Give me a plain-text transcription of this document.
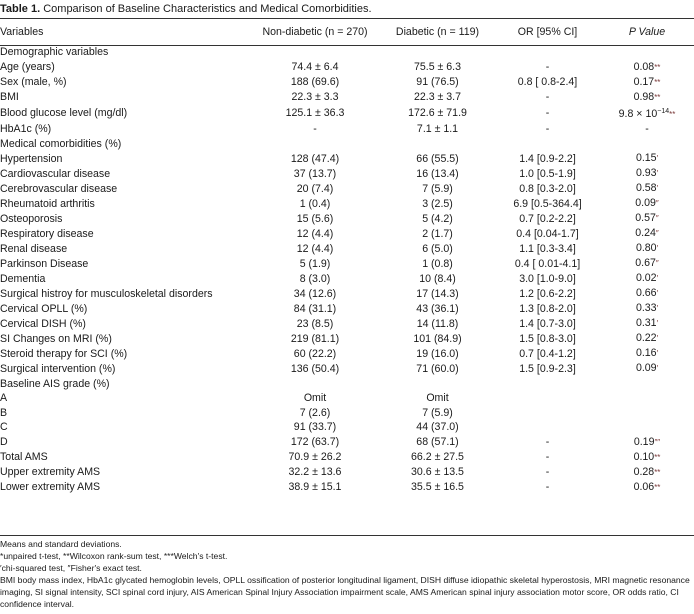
Table 1. Comparison of Baseline Characteristics and Medical Comorbidities.
Variables	Non-diabetic (n = 270)	Diabetic (n = 119)	OR [95% CI]	P Value
Demographic variables				
Age (years)	74.4 ± 6.4	75.5 ± 6.3	-	0.08**
Sex (male, %)	188 (69.6)	91 (76.5)	0.8 [ 0.8-2.4]	0.17**
BMI	22.3 ± 3.3	22.3 ± 3.7	-	0.98**
Blood glucose level (mg/dl)	125.1 ± 36.3	172.6 ± 71.9	-	$9.8 \times 10^{-14}**$
HbA1c (%)	-	7.1 ± 1.1	-	-
Medical comorbidities (%)				
Hypertension	128 (47.4)	66 (55.5)	1.4 [0.9-2.2]	0.15′
Cardiovascular disease	37 (13.7)	16 (13.4)	1.0 [0.5-1.9]	0.93′
Cerebrovascular disease	20 (7.4)	7 (5.9)	0.8 [0.3-2.0]	0.58′
Rheumatoid arthritis	1 (0.4)	3 (2.5)	6.9 [0.5-364.4]	0.09″
Osteoporosis	15 (5.6)	5 (4.2)	0.7 [0.2-2.2]	0.57″
Respiratory disease	12 (4.4)	2 (1.7)	0.4 [0.04-1.7]	0.24″
Renal disease	12 (4.4)	6 (5.0)	1.1 [0.3-3.4]	0.80′
Parkinson Disease	5 (1.9)	1 (0.8)	0.4 [ 0.01-4.1]	0.67″
Dementia	8 (3.0)	10 (8.4)	3.0 [1.0-9.0]	0.02′
Surgical histroy for musculoskeletal disorders	34 (12.6)	17 (14.3)	1.2 [0.6-2.2]	0.66′
Cervical OPLL (%)	84 (31.1)	43 (36.1)	1.3 [0.8-2.0]	0.33′
Cervical DISH (%)	23 (8.5)	14 (11.8)	1.4 [0.7-3.0]	0.31′
SI Changes on MRI (%)	219 (81.1)	101 (84.9)	1.5 [0.8-3.0]	0.22′
Steroid therapy for SCI (%)	60 (22.2)	19 (16.0)	0.7 [0.4-1.2]	0.16′
Surgical intervention (%)	136 (50.4)	71 (60.0)	1.5 [0.9-2.3]	0.09′
Baseline AIS grade (%)				
A	Omit	Omit		
B	7 (2.6)	7 (5.9)		
C	91 (33.7)	44 (37.0)		
D	172 (63.7)	68 (57.1)	-	0.19″″
Total AMS	70.9 ± 26.2	66.2 ± 27.5	-	0.10**
Upper extremity AMS	32.2 ± 13.6	30.6 ± 13.5	-	0.28**
Lower extremity AMS	38.9 ± 15.1	35.5 ± 16.5	-	0.06**
Means and standard deviations.
*unpaired t-test, **Wilcoxon rank-sum test, ***Welch's t-test.
′chi-squared test, ″Fisher's exact test.
BMI body mass index, HbA1c glycated hemoglobin levels, OPLL ossification of posterior longitudinal ligament, DISH diffuse idiopathic skeletal hyperostosis, MRI magnetic resonance imaging, SI signal intensity, SCI spinal cord injury, AIS American Spinal Injury Association impairment scale, AMS American spinal injury association motor score, OR odds ratio, CI confidence interval.
